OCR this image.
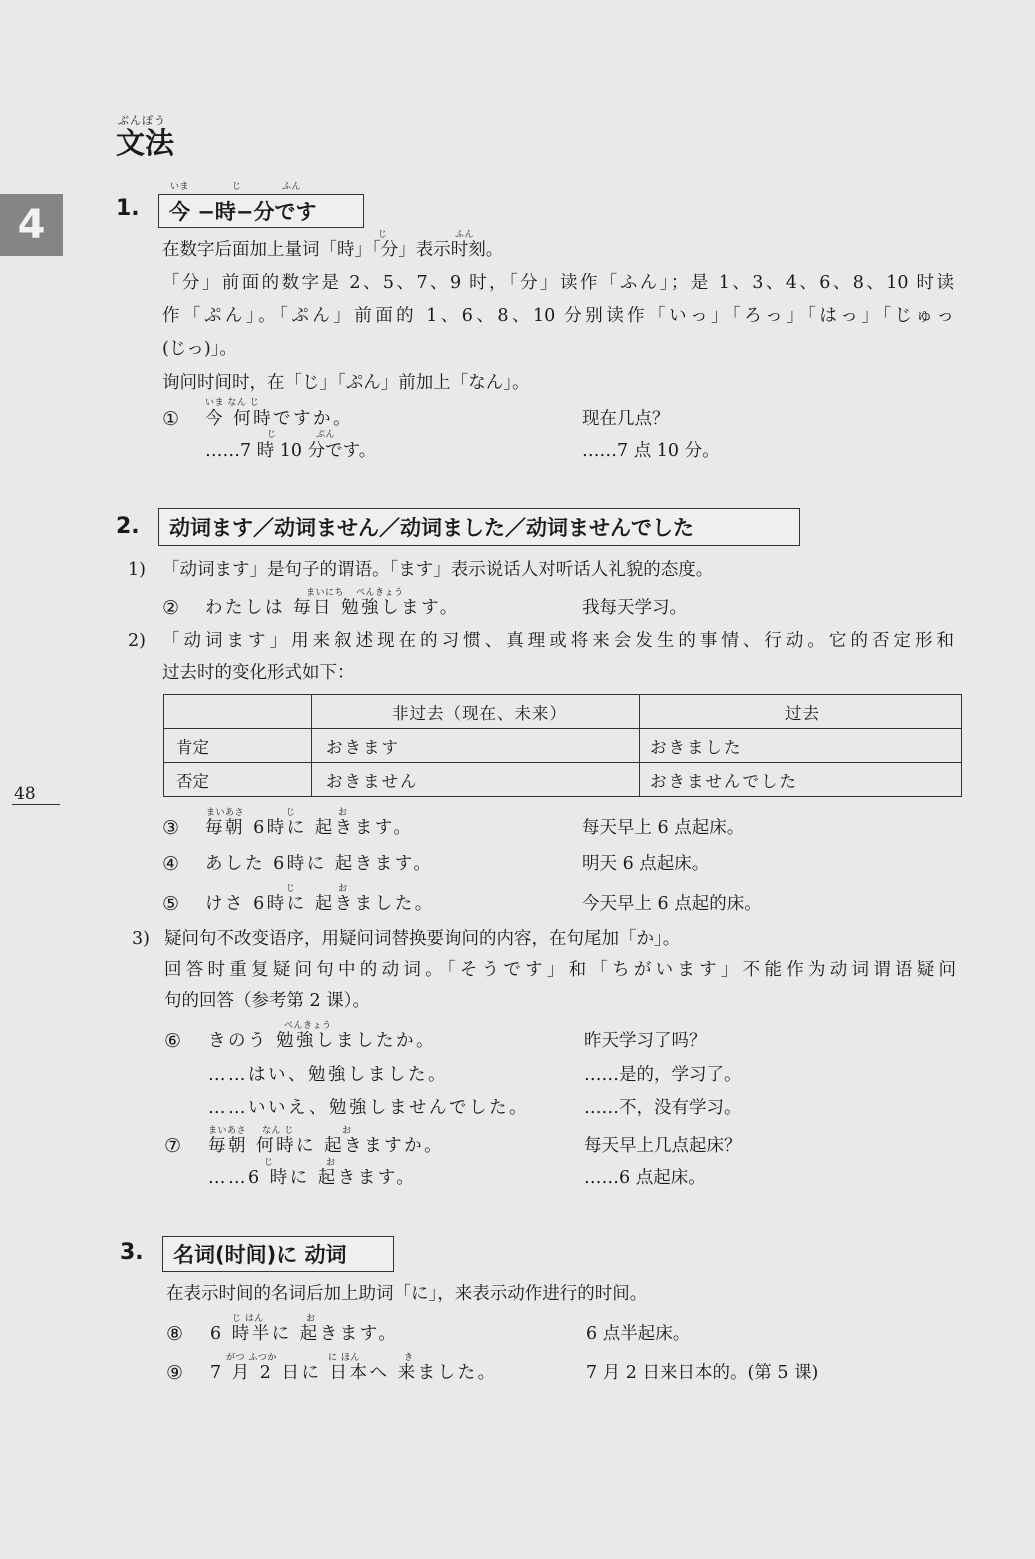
4
48
ぶんぽう
文法
1.
いま	じ	ふん
今 −時−分です
じ	ふん
在数字后面加上量词「時」「分」表示时刻。
「分」前面的数字是 2、5、7、9 时，「分」读作「ふん」；是 1、3、4、6、8、10 时读
作「ぷん」。「ぷん」前面的 1、6、8、10 分别读作「いっ」「ろっ」「はっ」「じゅっ
(じっ)」。
询问时间时，在「じ」「ぷん」前加上「なん」。
①
いま なん じ
今 何時ですか。	现在几点？
じ	ぷん
……7 時 10 分です。	……7 点 10 分。
2.	动词ます／动词ません／动词ました／动词ませんでした
1) 「动词ます」是句子的谓语。「ます」表示说话人对听话人礼貌的态度。
②
まいにち べんきょう
わたしは 毎日 勉強します。	我每天学习。
2) 「动词ます」用来叙述现在的习惯、真理或将来会发生的事情、行动。它的否定形和
过去时的变化形式如下：
	非过去（现在、未来）	过去
肯定	おきます	おきました
否定	おきません	おきませんでした
③
まいあさ	じ	お
毎朝 6時に 起きます。	每天早上 6 点起床。
④ あした 6時に 起きます。	明天 6 点起床。
⑤
じ	お
けさ 6時に 起きました。	今天早上 6 点起的床。
3) 疑问句不改变语序，用疑问词替换要询问的内容，在句尾加「か」。
回答时重复疑问句中的动词。「そうです」和「ちがいます」不能作为动词谓语疑问
句的回答（参考第 2 课）。
⑥
べんきょう
きのう 勉強しましたか。	昨天学习了吗？
……はい、勉強しました。	……是的，学习了。
……いいえ、勉強しませんでした。	……不，没有学习。
⑦
まいあさ なん じ	お
毎朝 何時に 起きますか。	每天早上几点起床？
じ	お
……6 時に 起きます。	……6 点起床。
3.	名词(时间)に 动词
在表示时间的名词后加上助词「に」，来表示动作进行的时间。
⑧
じ はん	お
6 時半に 起きます。	6 点半起床。
⑨
がつ ふつか	に ほん	き
7 月 2 日に 日本へ 来ました。	7 月 2 日来日本的。(第 5 课)
